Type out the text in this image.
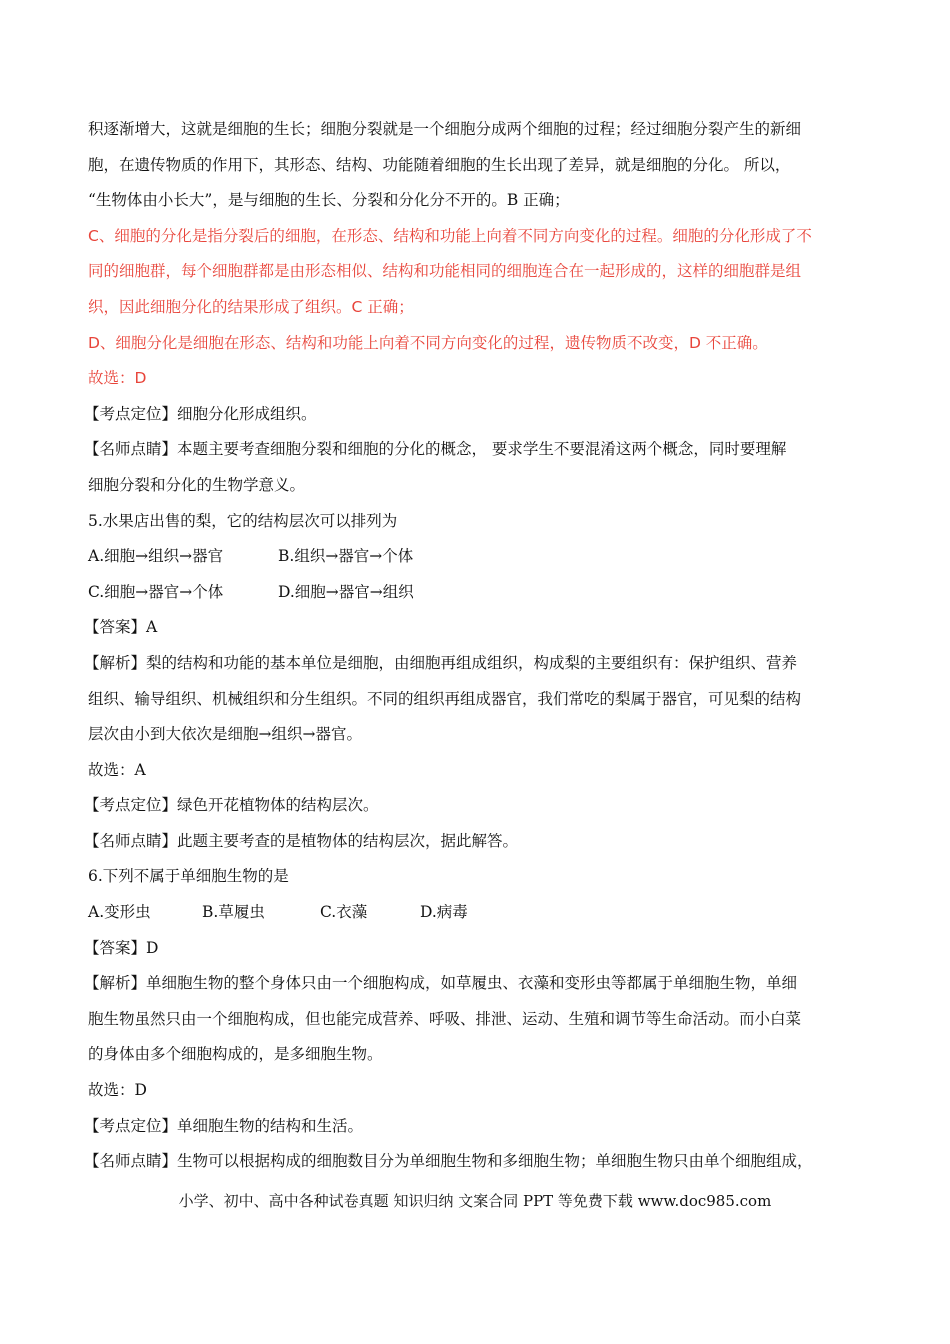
积逐渐增大，这就是细胞的生长；细胞分裂就是一个细胞分成两个细胞的过程；经过细胞分裂产生的新细
胞，在遗传物质的作用下，其形态、结构、功能随着细胞的生长出现了差异，就是细胞的分化。 所以，
“生物体由小长大”，是与细胞的生长、分裂和分化分不开的。B 正确；
C、细胞的分化是指分裂后的细胞，在形态、结构和功能上向着不同方向变化的过程。细胞的分化形成了不
同的细胞群，每个细胞群都是由形态相似、结构和功能相同的细胞连合在一起形成的，这样的细胞群是组
织，因此细胞分化的结果形成了组织。C 正确；
D、细胞分化是细胞在形态、结构和功能上向着不同方向变化的过程，遗传物质不改变，D 不正确。
故选：D
【考点定位】细胞分化形成组织。
【名师点睛】本题主要考查细胞分裂和细胞的分化的概念， 要求学生不要混淆这两个概念，同时要理解
细胞分裂和分化的生物学意义。
5.水果店出售的梨，它的结构层次可以排列为
A.细胞→组织→器官	B.组织→器官→个体
C.细胞→器官→个体	D.细胞→器官→组织
【答案】A
【解析】梨的结构和功能的基本单位是细胞，由细胞再组成组织，构成梨的主要组织有：保护组织、营养
组织、输导组织、机械组织和分生组织。不同的组织再组成器官，我们常吃的梨属于器官，可见梨的结构
层次由小到大依次是细胞→组织→器官。
故选：A
【考点定位】绿色开花植物体的结构层次。
【名师点睛】此题主要考查的是植物体的结构层次，据此解答。
6.下列不属于单细胞生物的是
A.变形虫	B.草履虫	C.衣藻	D.病毒
【答案】D
【解析】单细胞生物的整个身体只由一个细胞构成，如草履虫、衣藻和变形虫等都属于单细胞生物，单细
胞生物虽然只由一个细胞构成，但也能完成营养、呼吸、排泄、运动、生殖和调节等生命活动。而小白菜
的身体由多个细胞构成的，是多细胞生物。
故选：D
【考点定位】单细胞生物的结构和生活。
【名师点睛】生物可以根据构成的细胞数目分为单细胞生物和多细胞生物；单细胞生物只由单个细胞组成，
小学、初中、高中各种试卷真题 知识归纳 文案合同 PPT 等免费下载 www.doc985.com
